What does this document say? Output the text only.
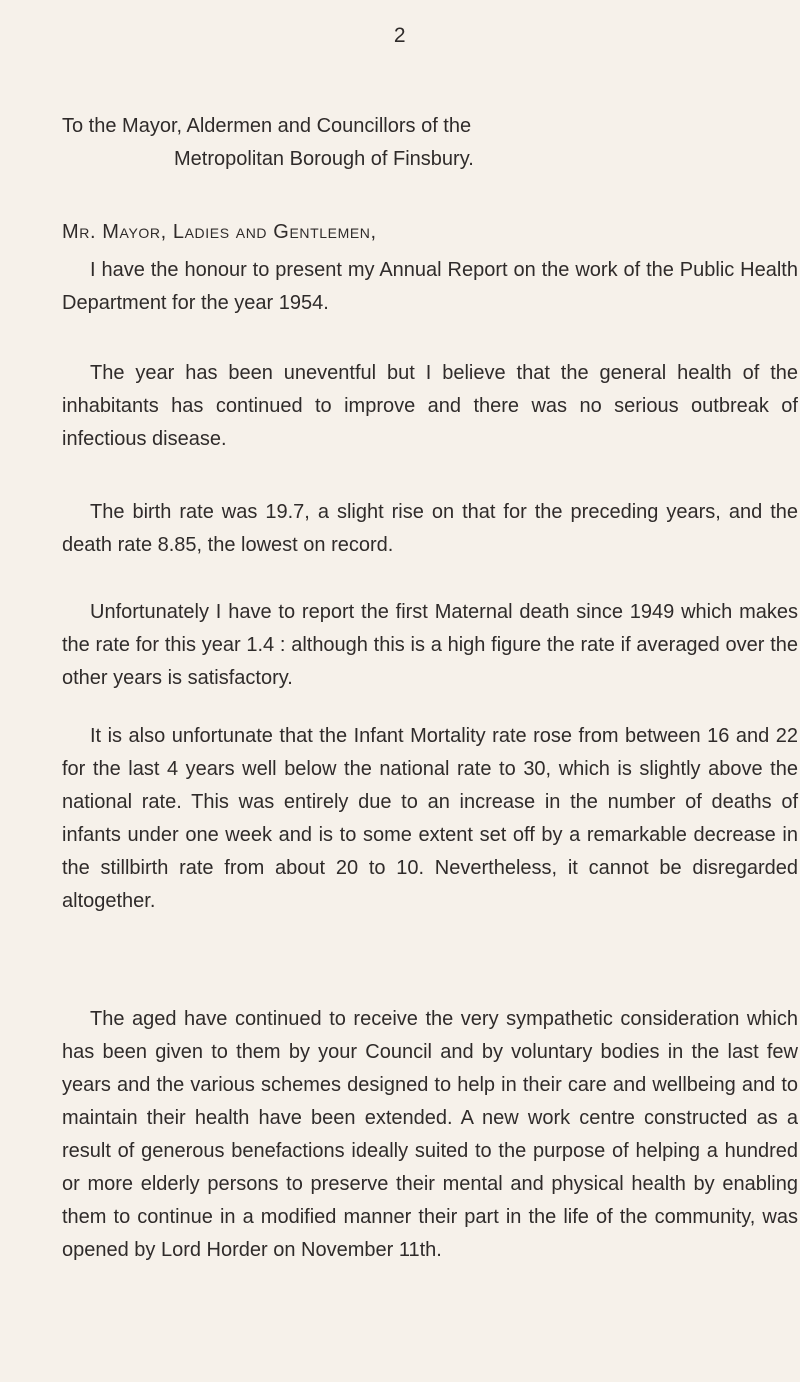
2
To the Mayor, Aldermen and Councillors of the
Metropolitan Borough of Finsbury.
Mr. Mayor, Ladies and Gentlemen,

I have the honour to present my Annual Report on the work of the Public Health Department for the year 1954.

The year has been uneventful but I believe that the general health of the inhabitants has continued to improve and there was no serious outbreak of infectious disease.

The birth rate was 19.7, a slight rise on that for the preceding years, and the death rate 8.85, the lowest on record.

Unfortunately I have to report the first Maternal death since 1949 which makes the rate for this year 1.4 : although this is a high figure the rate if averaged over the other years is satisfactory.

It is also unfortunate that the Infant Mortality rate rose from between 16 and 22 for the last 4 years well below the national rate to 30, which is slightly above the national rate. This was entirely due to an increase in the number of deaths of infants under one week and is to some extent set off by a remarkable decrease in the stillbirth rate from about 20 to 10. Nevertheless, it cannot be disregarded altogether.

The aged have continued to receive the very sympathetic consideration which has been given to them by your Council and by voluntary bodies in the last few years and the various schemes designed to help in their care and wellbeing and to maintain their health have been extended. A new work centre constructed as a result of generous benefactions ideally suited to the purpose of helping a hundred or more elderly persons to preserve their mental and physical health by enabling them to continue in a modified manner their part in the life of the community, was opened by Lord Horder on November 11th.
